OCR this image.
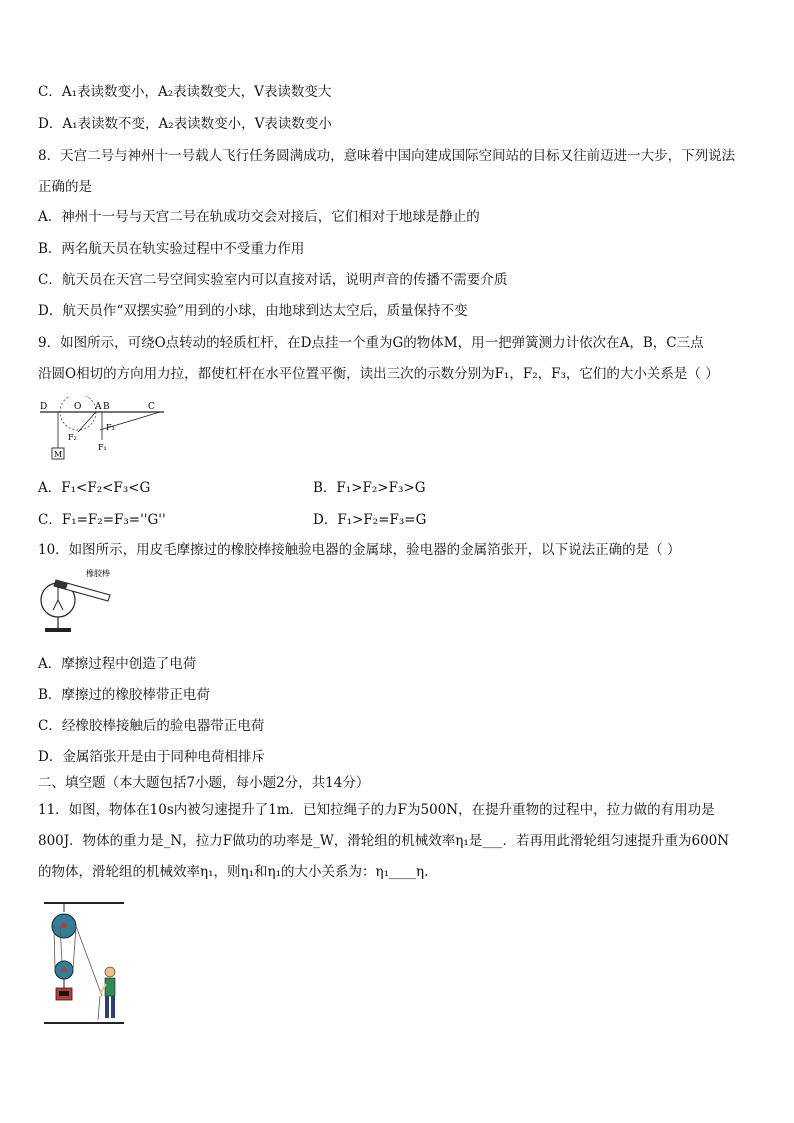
C．A₁表读数变小，A₂表读数变大，V表读数变大
D．A₁表读数不变，A₂表读数变小，V表读数变小
8．天宫二号与神州十一号载人飞行任务圆满成功，意味着中国向建成国际空间站的目标又往前迈进一大步，下列说法
正确的是
A．神州十一号与天宫二号在轨成功交会对接后，它们相对于地球是静止的
B．两名航天员在轨实验过程中不受重力作用
C．航天员在天宫二号空间实验室内可以直接对话，说明声音的传播不需要介质
D．航天员作“双摆实验”用到的小球，由地球到达太空后，质量保持不变
9．如图所示，可绕O点转动的轻质杠杆，在D点挂一个重为G的物体M，用一把弹簧测力计依次在A，B，C三点
沿圆O相切的方向用力拉，都使杠杆在水平位置平衡，读出三次的示数分别为F₁，F₂，F₃，它们的大小关系是（ ）
D	O A B	C
M
F₂
F₁
F₃
A．F₁<F₂<F₃<G	B．F₁>F₂>F₃>G
C．F₁=F₂=F₃=''G''	D．F₁>F₂=F₃=G
10．如图所示，用皮毛摩擦过的橡胶棒接触验电器的金属球，验电器的金属箔张开，以下说法正确的是（ ）
橡胶棒
A．摩擦过程中创造了电荷
B．摩擦过的橡胶棒带正电荷
C．经橡胶棒接触后的验电器带正电荷
D．金属箔张开是由于同种电荷相排斥
二、填空题（本大题包括7小题，每小题2分，共14分）
11．如图，物体在10s内被匀速提升了1m．已知拉绳子的力F为500N，在提升重物的过程中，拉力做的有用功是
800J．物体的重力是_N，拉力F做功的功率是_W，滑轮组的机械效率η₁是___．若再用此滑轮组匀速提升重为600N
的物体，滑轮组的机械效率η₁，则η₁和η₁的大小关系为：η₁____η.
